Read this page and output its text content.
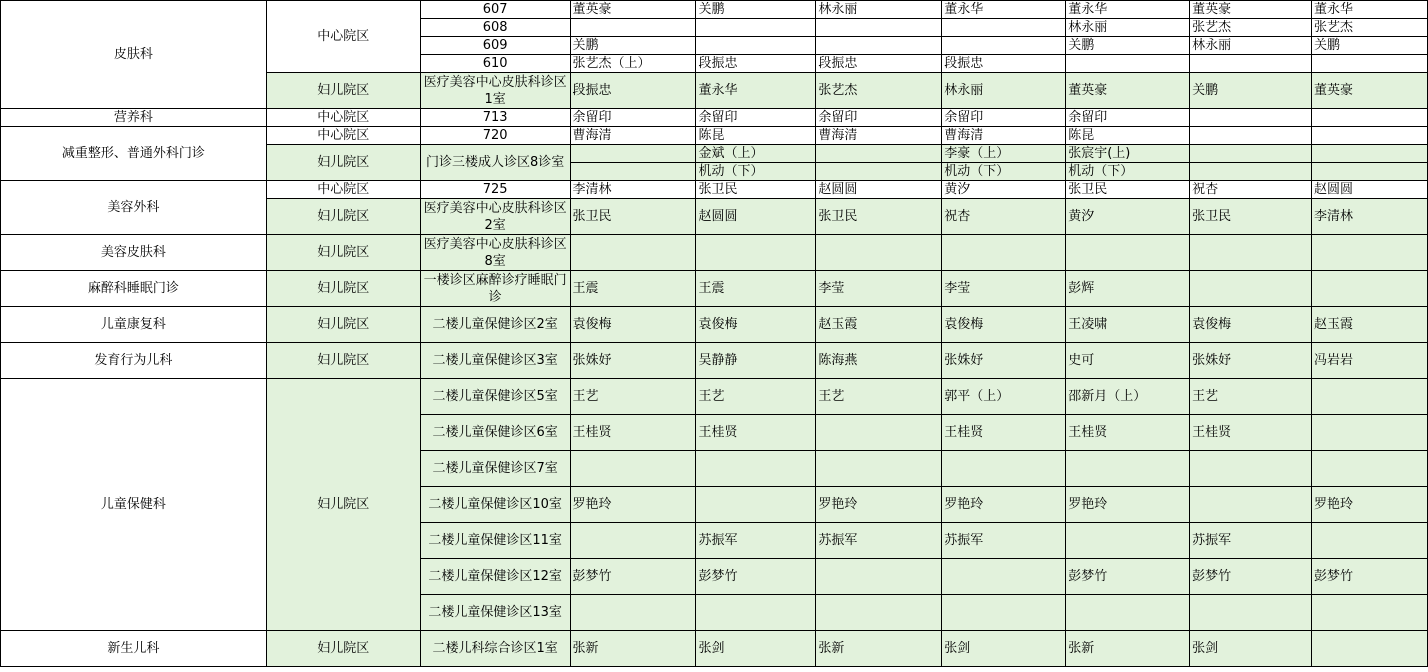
皮肤科	中心院区	607	董英豪	关鹏	林永丽	董永华	董永华	董英豪	董永华
		608					林永丽	张艺杰	张艺杰
		609	关鹏				关鹏	林永丽	关鹏
		610	张艺杰（上）	段振忠	段振忠	段振忠			
	妇儿院区	医疗美容中心皮肤科诊区1室	段振忠	董永华	张艺杰	林永丽	董英豪	关鹏	董英豪
营养科	中心院区	713	余留印	余留印	余留印	余留印	余留印		
减重整形、普通外科门诊	中心院区	720	曹海清	陈昆	曹海清	曹海清	陈昆		
	妇儿院区	门诊三楼成人诊区8诊室		金斌（上）		李豪（上）	张宸宇(上)		
				机动（下）		机动（下）	机动（下）		
美容外科	中心院区	725	李清林	张卫民	赵圆圆	黄汐	张卫民	祝杏	赵圆圆
	妇儿院区	医疗美容中心皮肤科诊区2室	张卫民	赵圆圆	张卫民	祝杏	黄汐	张卫民	李清林
美容皮肤科	妇儿院区	医疗美容中心皮肤科诊区8室							
麻醉科睡眠门诊	妇儿院区	一楼诊区麻醉诊疗睡眠门诊	王震	王震	李莹	李莹	彭辉		
儿童康复科	妇儿院区	二楼儿童保健诊区2室	袁俊梅	袁俊梅	赵玉霞	袁俊梅	王凌啸	袁俊梅	赵玉霞
发育行为儿科	妇儿院区	二楼儿童保健诊区3室	张姝妤	吴静静	陈海燕	张姝妤	史可	张姝妤	冯岩岩
儿童保健科	妇儿院区	二楼儿童保健诊区5室	王艺	王艺	王艺	郭平（上）	邵新月（上）	王艺	
		二楼儿童保健诊区6室	王桂贤	王桂贤		王桂贤	王桂贤	王桂贤	
		二楼儿童保健诊区7室							
		二楼儿童保健诊区10室	罗艳玲		罗艳玲	罗艳玲	罗艳玲		罗艳玲
		二楼儿童保健诊区11室		苏振军	苏振军	苏振军		苏振军	
		二楼儿童保健诊区12室	彭梦竹	彭梦竹			彭梦竹	彭梦竹	彭梦竹
		二楼儿童保健诊区13室							
新生儿科	妇儿院区	二楼儿科综合诊区1室	张新	张剑	张新	张剑	张新	张剑	
